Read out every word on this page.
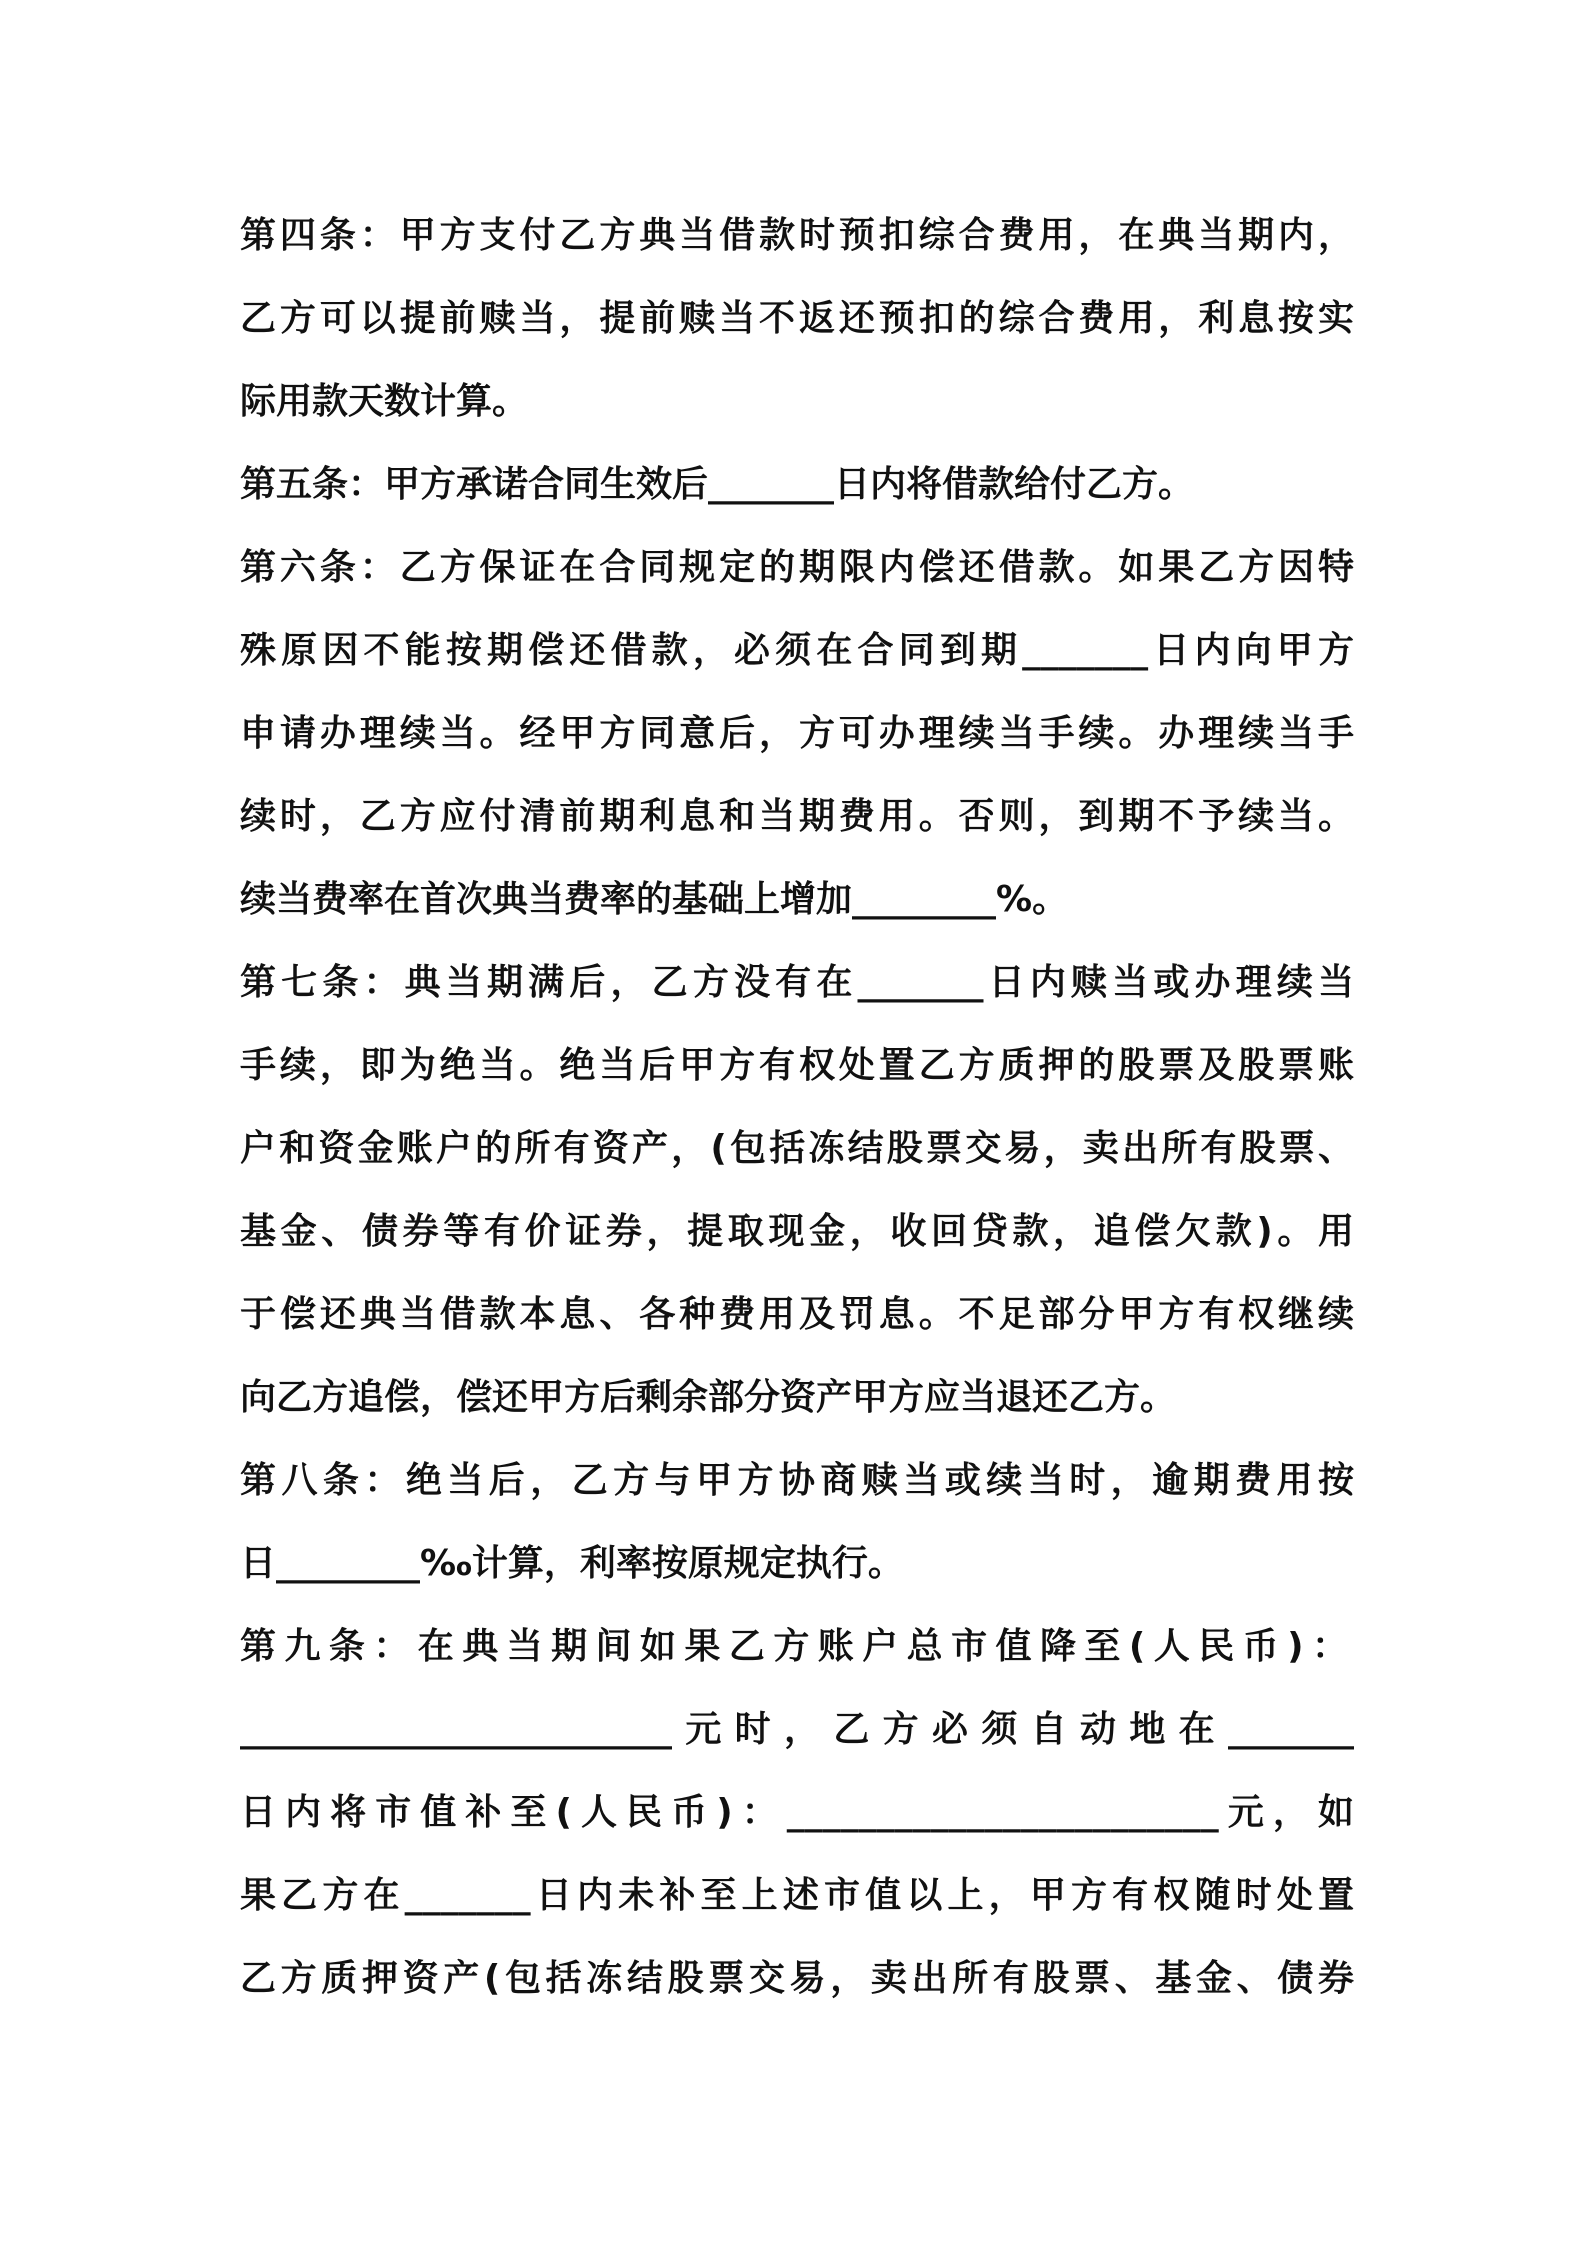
第四条：甲方支付乙方典当借款时预扣综合费用，在典当期内，
乙方可以提前赎当，提前赎当不返还预扣的综合费用，利息按实
际用款天数计算。
第五条：甲方承诺合同生效后_______日内将借款给付乙方。
第六条：乙方保证在合同规定的期限内偿还借款。如果乙方因特
殊原因不能按期偿还借款，必须在合同到期_______日内向甲方
申请办理续当。经甲方同意后，方可办理续当手续。办理续当手
续时，乙方应付清前期利息和当期费用。否则，到期不予续当。
续当费率在首次典当费率的基础上增加________%。
第七条：典当期满后，乙方没有在_______日内赎当或办理续当
手续，即为绝当。绝当后甲方有权处置乙方质押的股票及股票账
户和资金账户的所有资产，(包括冻结股票交易，卖出所有股票、
基金、债券等有价证券，提取现金，收回贷款，追偿欠款)。用
于偿还典当借款本息、各种费用及罚息。不足部分甲方有权继续
向乙方追偿，偿还甲方后剩余部分资产甲方应当退还乙方。
第八条：绝当后，乙方与甲方协商赎当或续当时，逾期费用按
日________‰计算，利率按原规定执行。
第九条：在典当期间如果乙方账户总市值降至(人民币)：
________________________元时，乙方必须自动地在_______
日内将市值补至(人民币)：________________________元，如
果乙方在_______日内未补至上述市值以上，甲方有权随时处置
乙方质押资产(包括冻结股票交易，卖出所有股票、基金、债券
